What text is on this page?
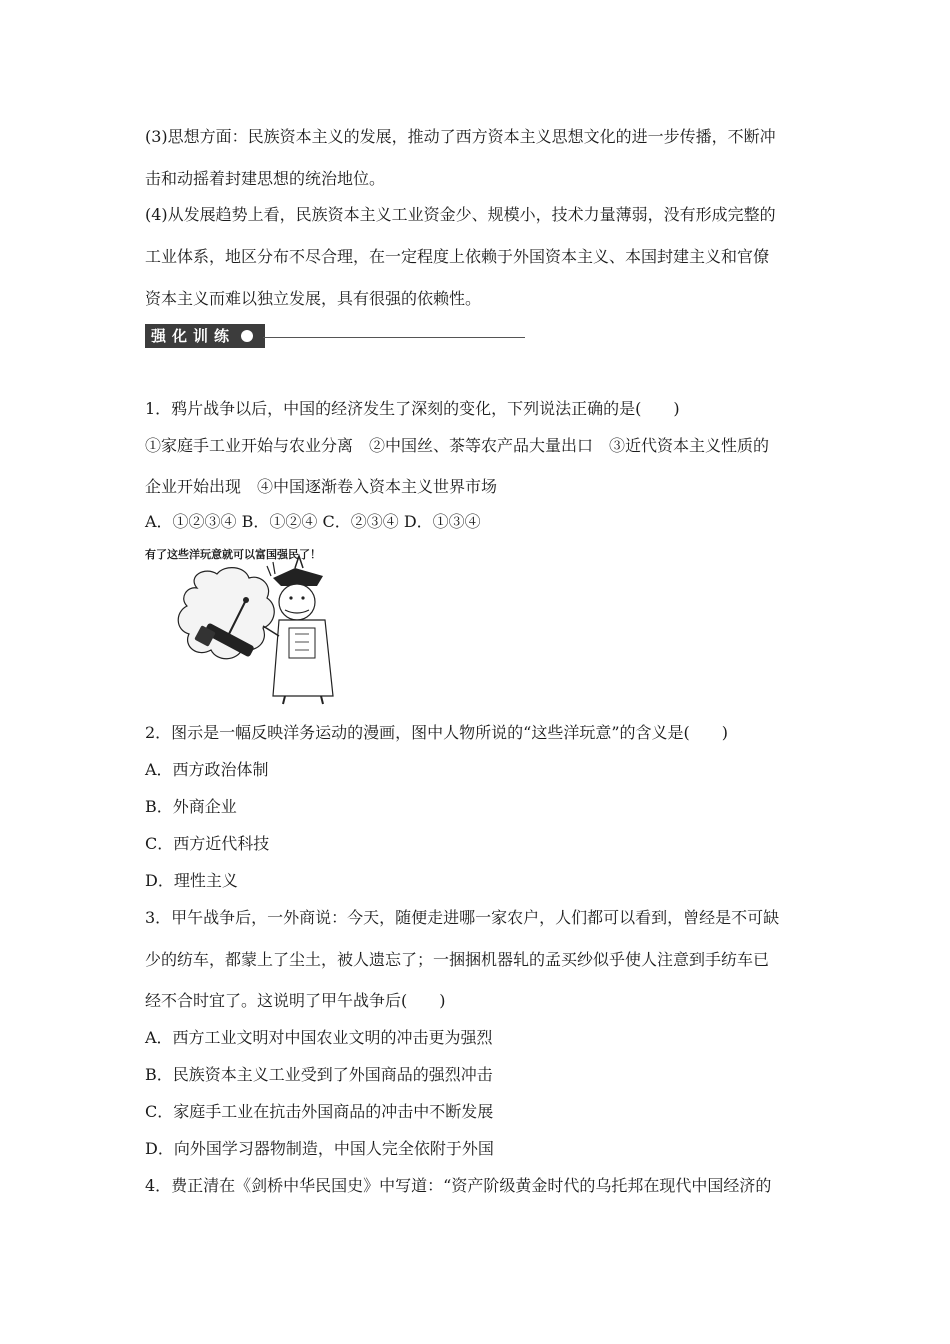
(3)思想方面：民族资本主义的发展，推动了西方资本主义思想文化的进一步传播，不断冲
击和动摇着封建思想的统治地位。
(4)从发展趋势上看，民族资本主义工业资金少、规模小，技术力量薄弱，没有形成完整的
工业体系，地区分布不尽合理，在一定程度上依赖于外国资本主义、本国封建主义和官僚
资本主义而难以独立发展，具有很强的依赖性。
强化训练
1．鸦片战争以后，中国的经济发生了深刻的变化，下列说法正确的是(　　)
①家庭手工业开始与农业分离　②中国丝、茶等农产品大量出口　③近代资本主义性质的
企业开始出现　④中国逐渐卷入资本主义世界市场
A．①②③④ B．①②④ C．②③④ D．①③④
有了这些洋玩意就可以富国强民了！
2．图示是一幅反映洋务运动的漫画，图中人物所说的“这些洋玩意”的含义是(　　)
A．西方政治体制
B．外商企业
C．西方近代科技
D．理性主义
3．甲午战争后，一外商说：今天，随便走进哪一家农户，人们都可以看到，曾经是不可缺
少的纺车，都蒙上了尘土，被人遗忘了；一捆捆机器轧的孟买纱似乎使人注意到手纺车已
经不合时宜了。这说明了甲午战争后(　　)
A．西方工业文明对中国农业文明的冲击更为强烈
B．民族资本主义工业受到了外国商品的强烈冲击
C．家庭手工业在抗击外国商品的冲击中不断发展
D．向外国学习器物制造，中国人完全依附于外国
4．费正清在《剑桥中华民国史》中写道：“资产阶级黄金时代的乌托邦在现代中国经济的
